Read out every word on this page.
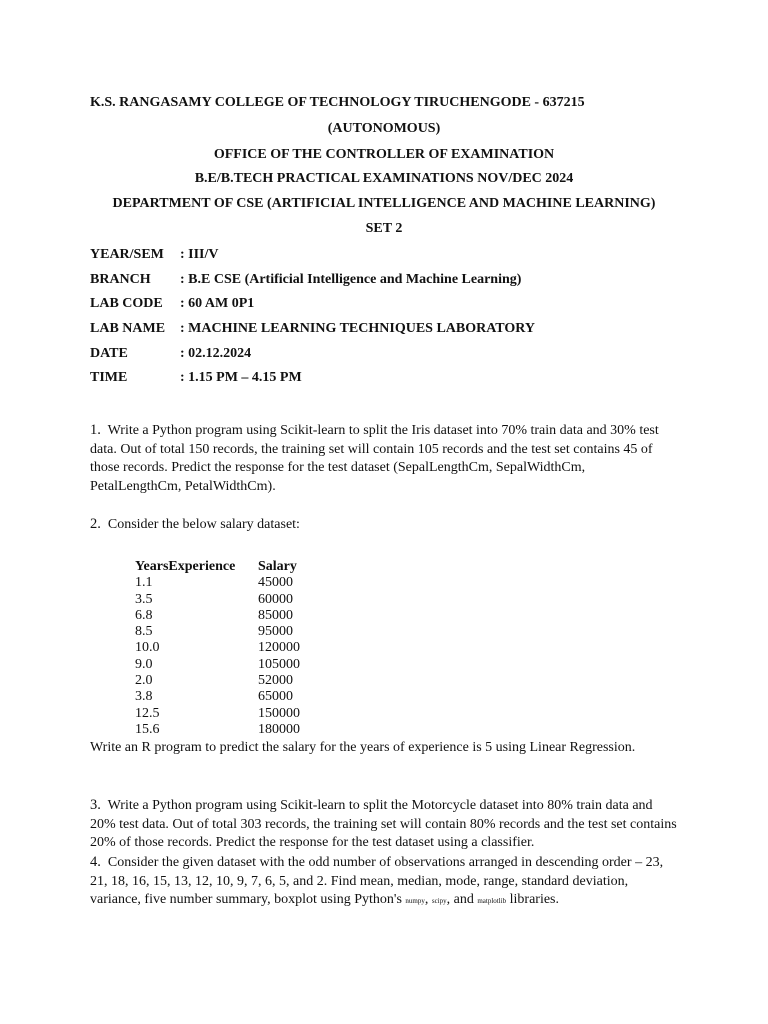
K.S. RANGASAMY COLLEGE OF TECHNOLOGY TIRUCHENGODE - 637215
(AUTONOMOUS)
OFFICE OF THE CONTROLLER OF EXAMINATION
B.E/B.TECH PRACTICAL EXAMINATIONS NOV/DEC 2024
DEPARTMENT OF CSE (ARTIFICIAL INTELLIGENCE AND MACHINE LEARNING)
SET 2
YEAR/SEM : III/V
BRANCH : B.E CSE (Artificial Intelligence and Machine Learning)
LAB CODE : 60 AM 0P1
LAB NAME : MACHINE LEARNING TECHNIQUES LABORATORY
DATE	: 02.12.2024
TIME	: 1.15 PM – 4.15 PM
1. Write a Python program using Scikit-learn to split the Iris dataset into 70% train data and 30% test data. Out of total 150 records, the training set will contain 105 records and the test set contains 45 of those records. Predict the response for the test dataset (SepalLengthCm, SepalWidthCm, PetalLengthCm, PetalWidthCm).
2. Consider the below salary dataset:
YearsExperience Salary
1.1	45000
3.5	60000
6.8	85000
8.5	95000
10.0	120000
9.0	105000
2.0	52000
3.8	65000
12.5	150000
15.6	180000
Write an R program to predict the salary for the years of experience is 5 using Linear Regression.
3. Write a Python program using Scikit-learn to split the Motorcycle dataset into 80% train data and 20% test data. Out of total 303 records, the training set will contain 80% records and the test set contains 20% of those records. Predict the response for the test dataset using a classifier.
4. Consider the given dataset with the odd number of observations arranged in descending order – 23, 21, 18, 16, 15, 13, 12, 10, 9, 7, 6, 5, and 2. Find mean, median, mode, range, standard deviation, variance, five number summary, boxplot using Python's numpy, scipy, and matplotlib libraries.
